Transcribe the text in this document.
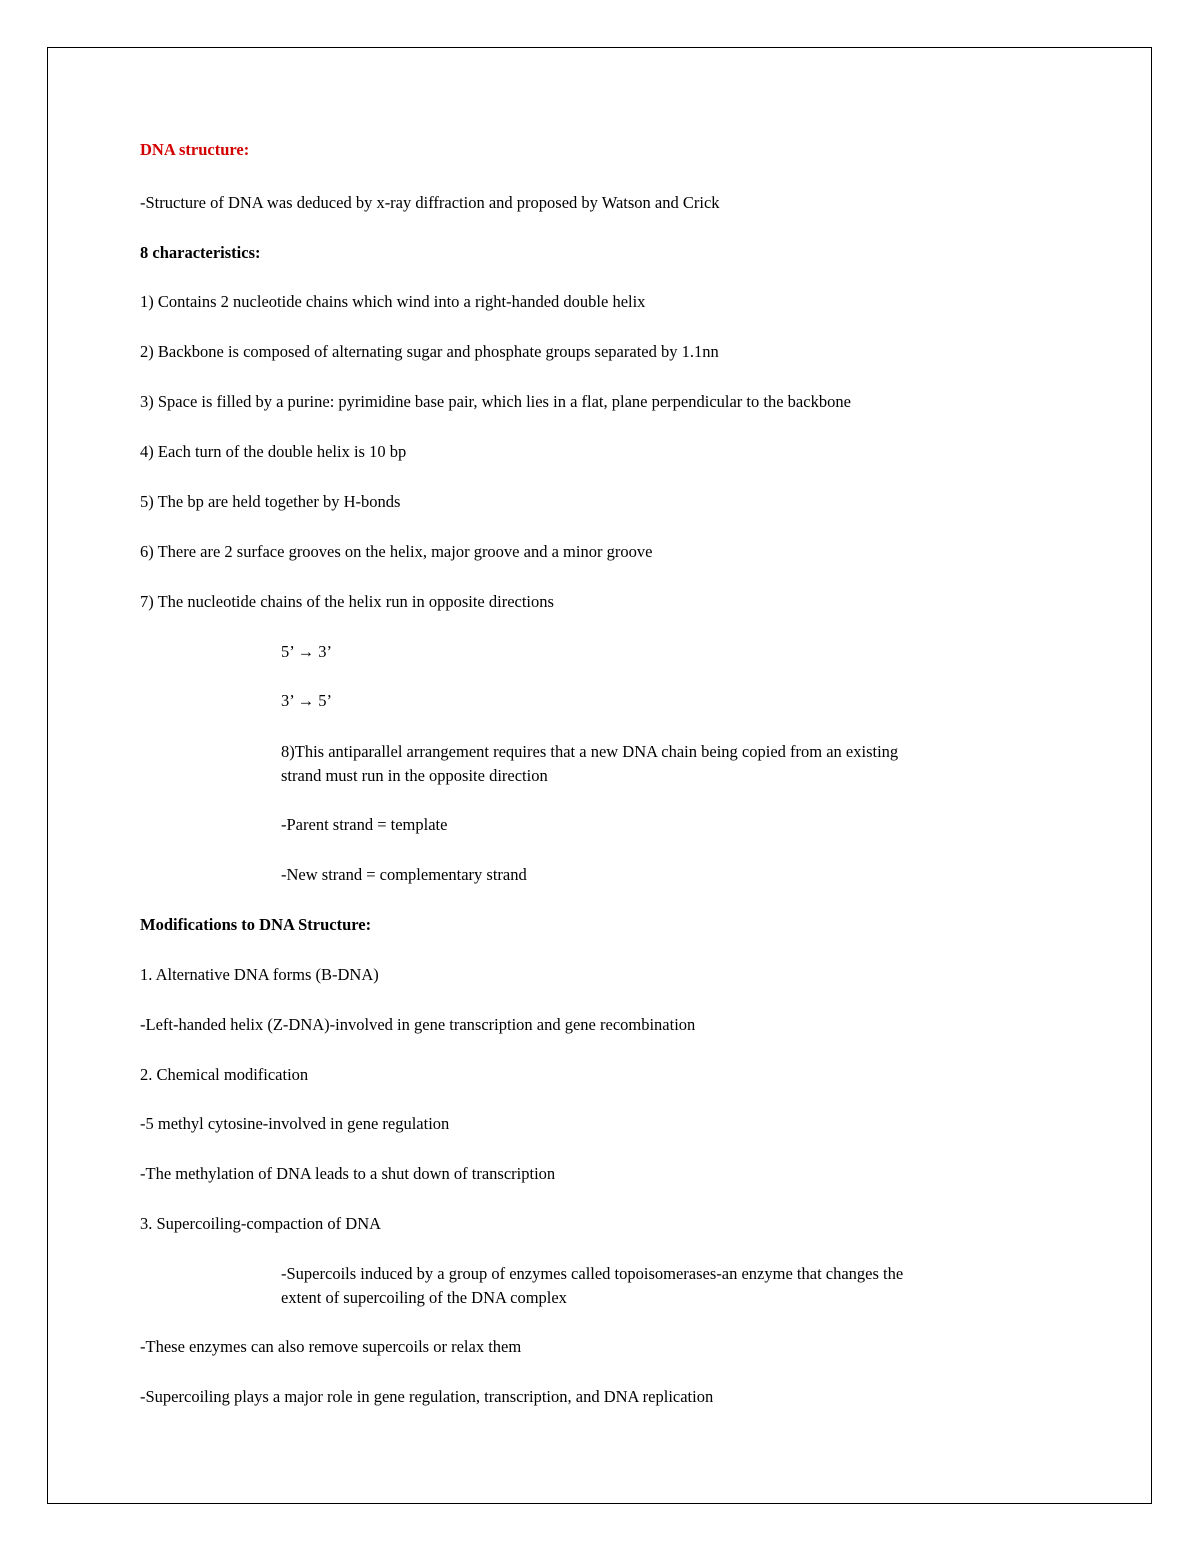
DNA structure:
-Structure of DNA was deduced by x-ray diffraction and proposed by Watson and Crick
8 characteristics:
1) Contains 2 nucleotide chains which wind into a right-handed double helix
2) Backbone is composed of alternating sugar and phosphate groups separated by 1.1nn
3) Space is filled by a purine: pyrimidine base pair, which lies in a flat, plane perpendicular to the backbone
4) Each turn of the double helix is 10 bp
5) The bp are held together by H-bonds
6) There are 2 surface grooves on the helix, major groove and a minor groove
7) The nucleotide chains of the helix run in opposite directions
5’ → 3’
3’ → 5’
8)This antiparallel arrangement requires that a new DNA chain being copied from an existing
strand must run in the opposite direction
-Parent strand = template
-New strand = complementary strand
Modifications to DNA Structure:
1. Alternative DNA forms (B-DNA)
-Left-handed helix (Z-DNA)-involved in gene transcription and gene recombination
2. Chemical modification
-5 methyl cytosine-involved in gene regulation
-The methylation of DNA leads to a shut down of transcription
3. Supercoiling-compaction of DNA
-Supercoils induced by a group of enzymes called topoisomerases-an enzyme that changes the
extent of supercoiling of the DNA complex
-These enzymes can also remove supercoils or relax them
-Supercoiling plays a major role in gene regulation, transcription, and DNA replication
